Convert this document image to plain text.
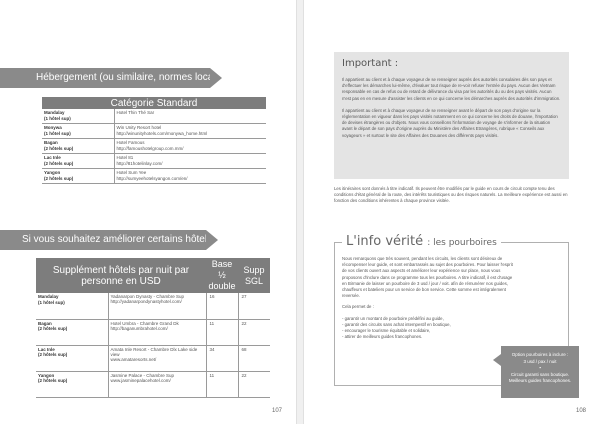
Hébergement (ou similaire, normes locales)
Catégorie Standard	
Mandalay
(1 hôtel sup)	Hotel Thin Thé Sar

Monywa
(1 hôtel sup)	Win Unity Resort hotel
http://winunityhotels.com/monywa_home.html

Bagan
(2 hôtels sup)	Hotel Famous
http://famoushotelgroup.com.mm/

Lac Inle
(2 hôtels sup)	Hotel 81
http://81hotelinlay.com/

Yangon
(2 hôtels sup)	Hotel Sum Yee
http://sumyeehotelsyangon.com/en/
Si vous souhaitez améliorer certains hôtels :
Supplément hôtels par nuit par personne en USD		Base ½ double	Supp SGL
Mandalay
(1 hôtel sup)	Yadanarpon Dynasty - Chambre Sup
http://yadanarpondynastyhotel.com/	16	27
Bagan
(2 hôtels sup)	Hotel Umbra - Chambre Grand Dk
http://baganumbrahotel.com/	11	22
Lac Inle
(2 hôtels sup)	Amata Inle Resort - Chambre Dlx Lake side view
www.amataresorts.net/	34	68
Yangon
(2 hôtels sup)	Jasmine Palace - Chambre Sup
www.jasminepalacehotel.com/	11	22
107
Important :

Il appartient au client et à chaque voyageur de se renseigner auprès des autorités consulaires dès son pays et d'effectuer les démarches lui-même, d'évaluer tout risque de re-voir refuser l'entrée du pays. Aucun des Vietnam responsable en cas de refus ou de retard de délivrance du visa par les autorités du ou des pays visités. Aucun n'est pas en en mesure d'assister les clients en ce qui concerne les démarches auprès des autorités d'immigration.

Il appartient au client et à chaque voyageur de se renseigner avant le départ de son pays d'origine sur la réglementation en vigueur dans les pays visités notamment en ce qui concerne les droits de douane, l'importation de devises étrangères ou d'objets. Nous vous conseillons l'information de voyage de s'informer de la situation avant le départ de son pays d'origine auprès du Ministère des Affaires Etrangères, rubrique « Conseils aux voyageurs » et surtout le site des Affaires des Douanes des différents pays visités.

Les itinéraires sont donnés à titre indicatif. Ils peuvent être modifiés par le guide en cours de circuit compte tenu des conditions d'état général de la route, des intérêts touristiques ou des risques naturels. La meilleure expérience est aussi en fonction des conditions inhérentes à chaque province visitée.

L'info vérité : les pourboires

Nous remarquons que très souvent, pendant les circuits, les clients sont désireux de récompenser leur guide, et sont embarrassés au sujet des pourboires. Pour laisser l'esprit de vos clients ouvert aux aspects et améliorer leur expérience sur place, nous vous proposons d'inclure dans ce programme tous les pourboires. A titre indicatif, il est d'usage en Birmanie de laisser un pourboire de 3 usd / jour / voit. afin de rémunérer nos guides, chauffeurs et bateliers pour un service de bon service. Cette somme est intégralement reversée.

Cela permet de :

- garantir un montant de pourboire prédéfini au guide,
- garantir des circuits sans achat intempestif en boutique,
- encourager le tourisme équitable et solidaire,
- attirer de meilleurs guides francophones.
Option pourboires à inclure :
3 usd / pax / nuit
▪
Circuit garanti sans boutique.
Meilleurs guides francophones.
108
